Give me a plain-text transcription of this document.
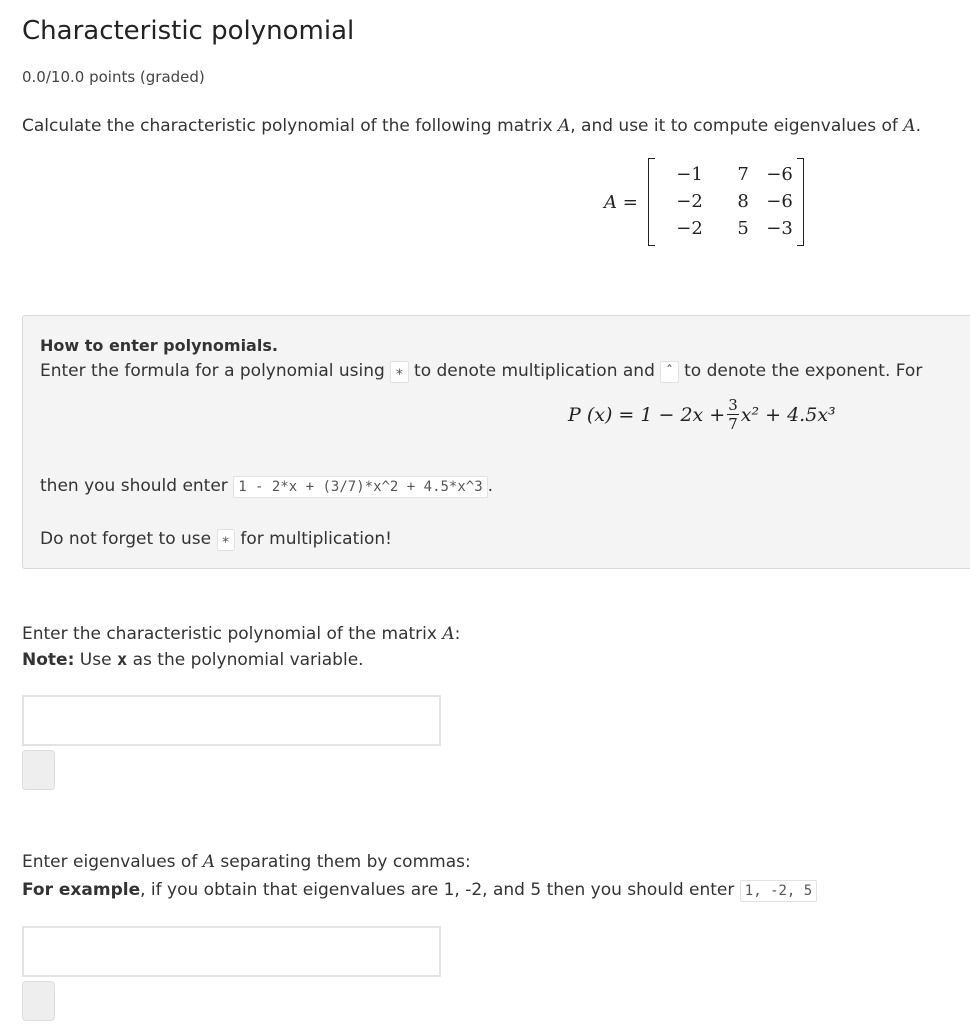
Characteristic polynomial
0.0/10.0 points (graded)
Calculate the characteristic polynomial of the following matrix A, and use it to compute eigenvalues of A.
A =
−1	7 −6
−2	8 −6
−2	5 −3
How to enter polynomials.
Enter the formula for a polynomial using ∗ to denote multiplication and ˆ to denote the exponent. For
P $(x) = 1 - 2x + \frac{3}{7} x^2 + 4.5x^3$
then you should enter 1 - 2*x + (3/7)*x^2 + 4.5*x^3 .
Do not forget to use ∗ for multiplication!
Enter the characteristic polynomial of the matrix A:
Note: Use x as the polynomial variable.
Enter eigenvalues of A separating them by commas:
For example, if you obtain that eigenvalues are 1, -2, and 5 then you should enter 1, -2, 5
